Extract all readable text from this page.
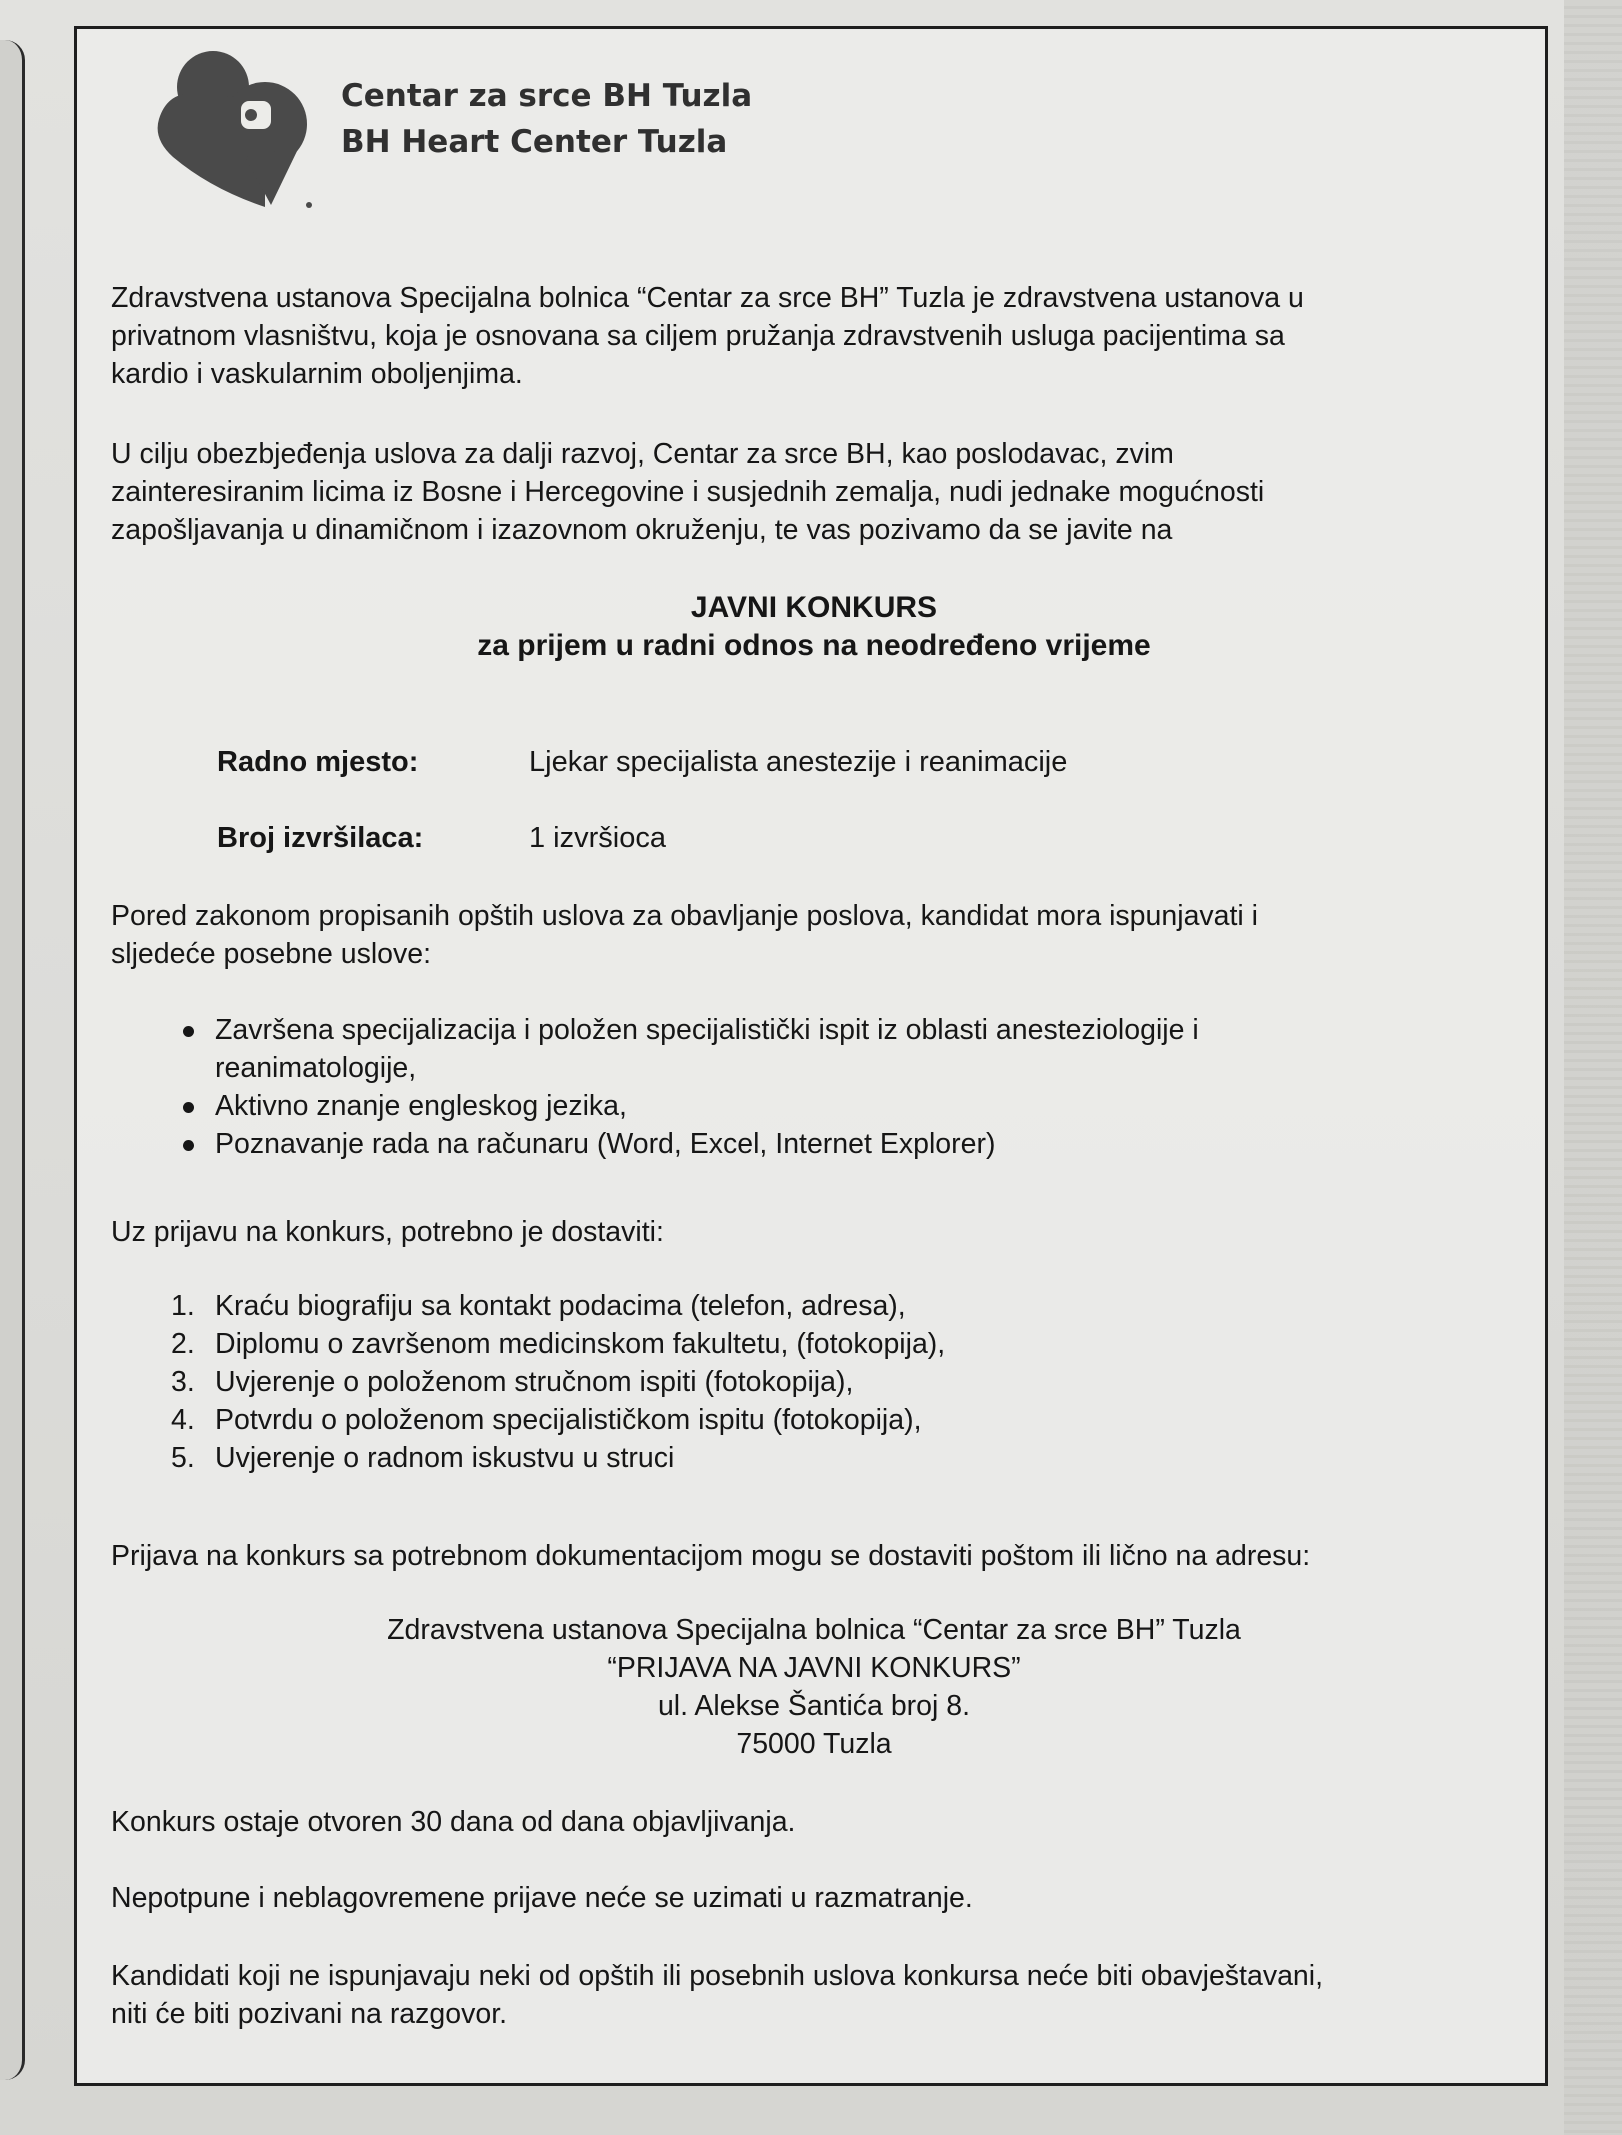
Centar za srce BH Tuzla
BH Heart Center Tuzla
Zdravstvena ustanova Specijalna bolnica “Centar za srce BH” Tuzla je zdravstvena ustanova u
privatnom vlasništvu, koja je osnovana sa ciljem pružanja zdravstvenih usluga pacijentima sa
kardio i vaskularnim oboljenjima.
U cilju obezbjeđenja uslova za dalji razvoj, Centar za srce BH, kao poslodavac, zvim
zainteresiranim licima iz Bosne i Hercegovine i susjednih zemalja, nudi jednake mogućnosti
zapošljavanja u dinamičnom i izazovnom okruženju, te vas pozivamo da se javite na
JAVNI KONKURS
za prijem u radni odnos na neodređeno vrijeme
Radno mjesto:	Ljekar specijalista anestezije i reanimacije
Broj izvršilaca:	1 izvršioca
Pored zakonom propisanih opštih uslova za obavljanje poslova, kandidat mora ispunjavati i
sljedeće posebne uslove:
Završena specijalizacija i položen specijalistički ispit iz oblasti anesteziologije i
reanimatologije,
Aktivno znanje engleskog jezika,
Poznavanje rada na računaru (Word, Excel, Internet Explorer)
Uz prijavu na konkurs, potrebno je dostaviti:
1. Kraću biografiju sa kontakt podacima (telefon, adresa),
2. Diplomu o završenom medicinskom fakultetu, (fotokopija),
3. Uvjerenje o položenom stručnom ispiti (fotokopija),
4. Potvrdu o položenom specijalističkom ispitu (fotokopija),
5. Uvjerenje o radnom iskustvu u struci
Prijava na konkurs sa potrebnom dokumentacijom mogu se dostaviti poštom ili lično na adresu:
Zdravstvena ustanova Specijalna bolnica “Centar za srce BH” Tuzla
“PRIJAVA NA JAVNI KONKURS”
ul. Alekse Šantića broj 8.
75000 Tuzla
Konkurs ostaje otvoren 30 dana od dana objavljivanja.
Nepotpune i neblagovremene prijave neće se uzimati u razmatranje.
Kandidati koji ne ispunjavaju neki od opštih ili posebnih uslova konkursa neće biti obavještavani,
niti će biti pozivani na razgovor.
